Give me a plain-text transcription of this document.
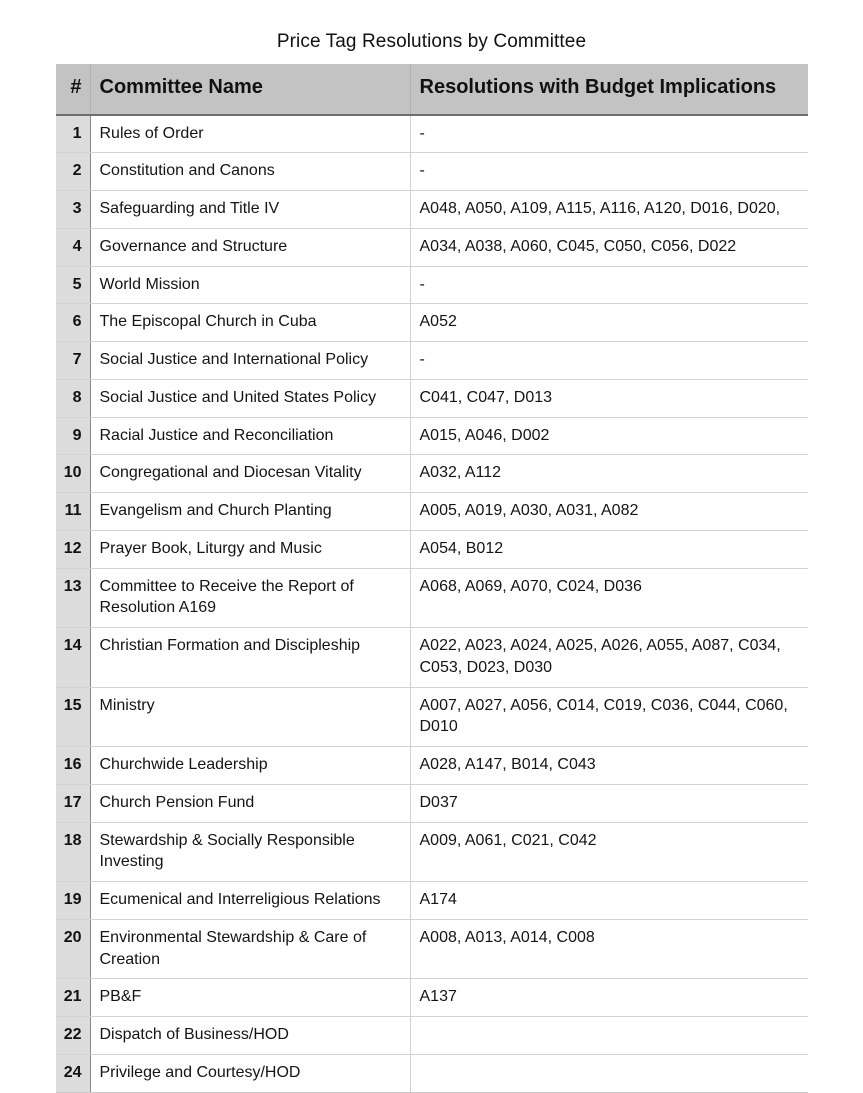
Price Tag Resolutions by Committee
#	Committee Name	Resolutions with Budget Implications
1	Rules of Order	-
2	Constitution and Canons	-
3	Safeguarding and Title IV	A048, A050, A109, A115, A116, A120, D016, D020,
4	Governance and Structure	A034, A038, A060, C045, C050, C056, D022
5	World Mission	-
6	The Episcopal Church in Cuba	A052
7	Social Justice and International Policy	-
8	Social Justice and United States Policy	C041, C047, D013
9	Racial Justice and Reconciliation	A015, A046, D002
10	Congregational and Diocesan Vitality	A032, A112
11	Evangelism and Church Planting	A005, A019, A030, A031, A082
12	Prayer Book, Liturgy and Music	A054, B012
13	Committee to Receive the Report of Resolution A169	A068, A069, A070, C024, D036
14	Christian Formation and Discipleship	A022, A023, A024, A025, A026, A055, A087, C034, C053, D023, D030
15	Ministry	A007, A027, A056, C014, C019, C036, C044, C060, D010
16	Churchwide Leadership	A028, A147, B014, C043
17	Church Pension Fund	D037
18	Stewardship & Socially Responsible Investing	A009, A061, C021, C042
19	Ecumenical and Interreligious Relations	A174
20	Environmental Stewardship & Care of Creation	A008, A013, A014, C008
21	PB&F	A137
22	Dispatch of Business/HOD	
24	Privilege and Courtesy/HOD	
